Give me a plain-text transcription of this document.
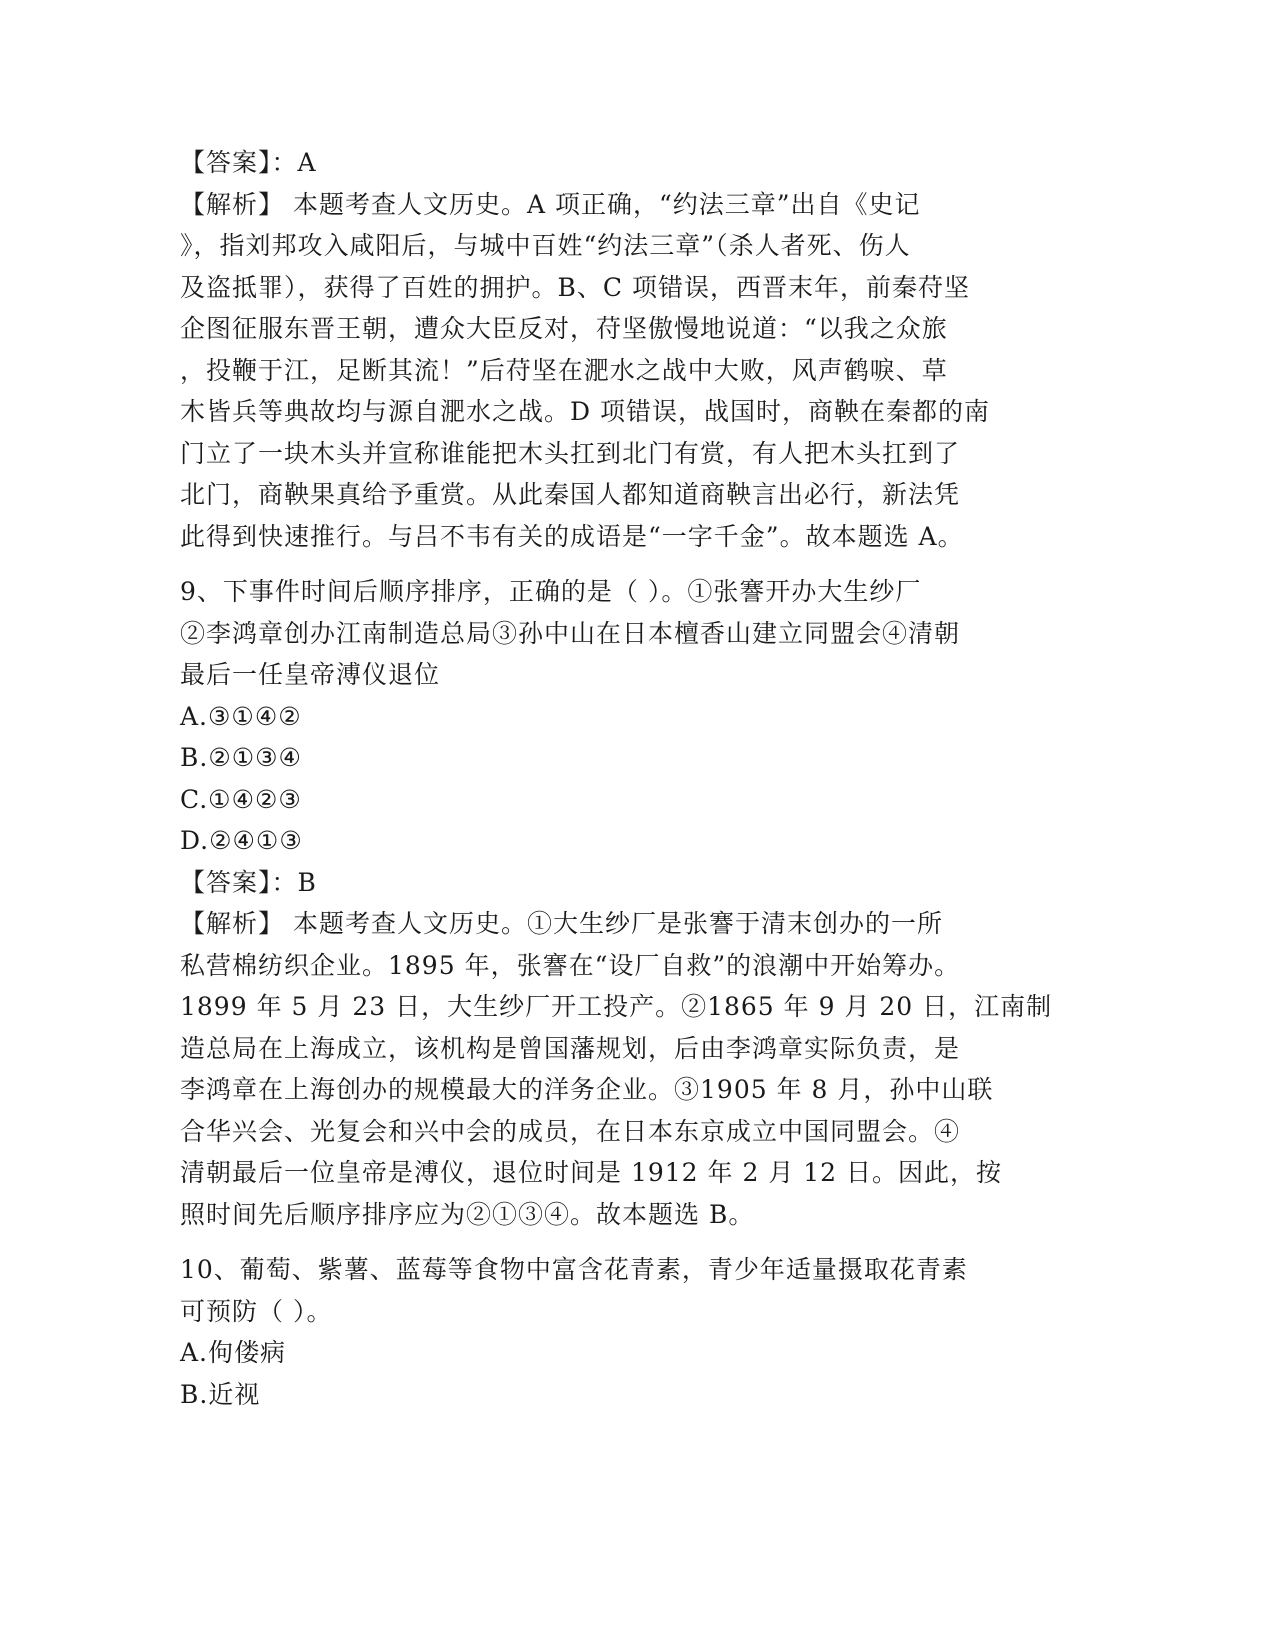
【答案】：A
【解析】 本题考查人文历史。A 项正确，“约法三章”出自《史记
》，指刘邦攻入咸阳后，与城中百姓“约法三章”（杀人者死、伤人
及盗抵罪），获得了百姓的拥护。B、C 项错误，西晋末年，前秦苻坚
企图征服东晋王朝，遭众大臣反对，苻坚傲慢地说道：“以我之众旅
，投鞭于江，足断其流！”后苻坚在淝水之战中大败，风声鹤唳、草
木皆兵等典故均与源自淝水之战。D 项错误，战国时，商鞅在秦都的南
门立了一块木头并宣称谁能把木头扛到北门有赏，有人把木头扛到了
北门，商鞅果真给予重赏。从此秦国人都知道商鞅言出必行，新法凭
此得到快速推行。与吕不韦有关的成语是“一字千金”。故本题选 A。
9、下事件时间后顺序排序，正确的是（ ）。①张謇开办大生纱厂
②李鸿章创办江南制造总局③孙中山在日本檀香山建立同盟会④清朝
最后一任皇帝溥仪退位
A.③①④②
B.②①③④
C.①④②③
D.②④①③
【答案】：B
【解析】 本题考查人文历史。①大生纱厂是张謇于清末创办的一所
私营棉纺织企业。1895 年，张謇在“设厂自救”的浪潮中开始筹办。
1899 年 5 月 23 日，大生纱厂开工投产。②1865 年 9 月 20 日，江南制
造总局在上海成立，该机构是曾国藩规划，后由李鸿章实际负责，是
李鸿章在上海创办的规模最大的洋务企业。③1905 年 8 月，孙中山联
合华兴会、光复会和兴中会的成员，在日本东京成立中国同盟会。④
清朝最后一位皇帝是溥仪，退位时间是 1912 年 2 月 12 日。因此，按
照时间先后顺序排序应为②①③④。故本题选 B。
10、葡萄、紫薯、蓝莓等食物中富含花青素，青少年适量摄取花青素
可预防（ ）。
A.佝偻病
B.近视
